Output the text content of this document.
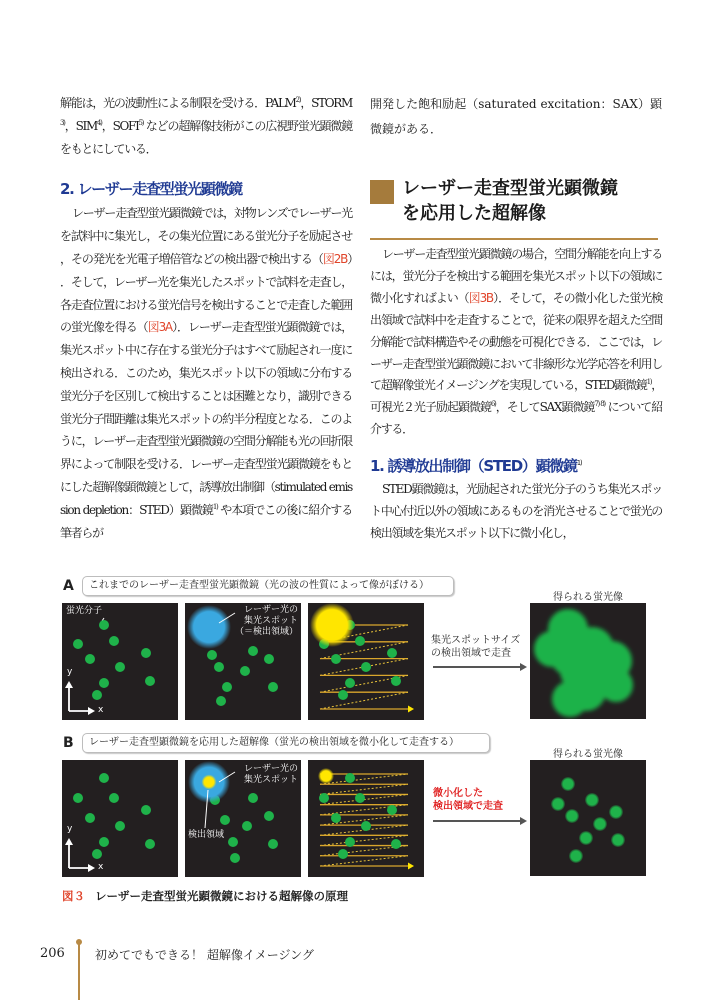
解能は，光の波動性による制限を受ける．PALM$^{2)}$，STORM$^{3)}$，SIM$^{4)}$，SOFI$^{5)}$ などの超解像技術がこの広視野蛍光顕微鏡をもとにしている．

2. レーザー走査型蛍光顕微鏡

レーザー走査型蛍光顕微鏡では，対物レンズでレーザー光を試料中に集光し，その集光位置にある蛍光分子を励起させ，その発光を光電子増倍管などの検出器で検出する（図2B）．そして，レーザー光を集光したスポットで試料を走査し，各走査位置における蛍光信号を検出することで走査した範囲の蛍光像を得る（図3A）．レーザー走査型蛍光顕微鏡では，集光スポット中に存在する蛍光分子はすべて励起され一度に検出される．このため，集光スポット以下の領域に分布する蛍光分子を区別して検出することは困難となり，識別できる蛍光分子間距離は集光スポットの約半分程度となる．このように，レーザー走査型蛍光顕微鏡の空間分解能も光の回折限界によって制限を受ける．レーザー走査型蛍光顕微鏡をもとにした超解像顕微鏡として，誘導放出制御（stimulated emission depletion：STED）顕微鏡$^{1)}$ や本項でこの後に紹介する筆者らが

開発した飽和励起（saturated excitation：SAX）顕微鏡がある．

レーザー走査型蛍光顕微鏡
を応用した超解像

レーザー走査型蛍光顕微鏡の場合，空間分解能を向上するには，蛍光分子を検出する範囲を集光スポット以下の領域に微小化すればよい（図3B）．そして，その微小化した蛍光検出領域で試料中を走査することで，従来の限界を超えた空間分解能で試料構造やその動態を可視化できる．ここでは，レーザー走査型蛍光顕微鏡において非線形な光学応答を利用して超解像蛍光イメージングを実現している，STED顕微鏡$^{1)}$，可視光２光子励起顕微鏡$^{6)}$，そしてSAX顕微鏡$^{7) 8)}$ について紹介する．

1. 誘導放出制御（STED）顕微鏡$^{1)}$

STED顕微鏡は，光励起された蛍光分子のうち集光スポット中心付近以外の領域にあるものを消光させることで蛍光の検出領域を集光スポット以下に微小化し，

A	これまでのレーザー走査型蛍光顕微鏡（光の波の性質によって像がぼける）
蛍光分子
y
x
レーザー光の
集光スポット
（＝検出領域）
集光スポットサイズ
の検出領域で走査
得られる蛍光像
B	レーザー走査型顕微鏡を応用した超解像（蛍光の検出領域を微小化して走査する）
y
x
レーザー光の
集光スポット
検出領域
微小化した
検出領域で走査
得られる蛍光像
図３ レーザー走査型蛍光顕微鏡における超解像の原理
206	初めてでもできる！ 超解像イメージング
